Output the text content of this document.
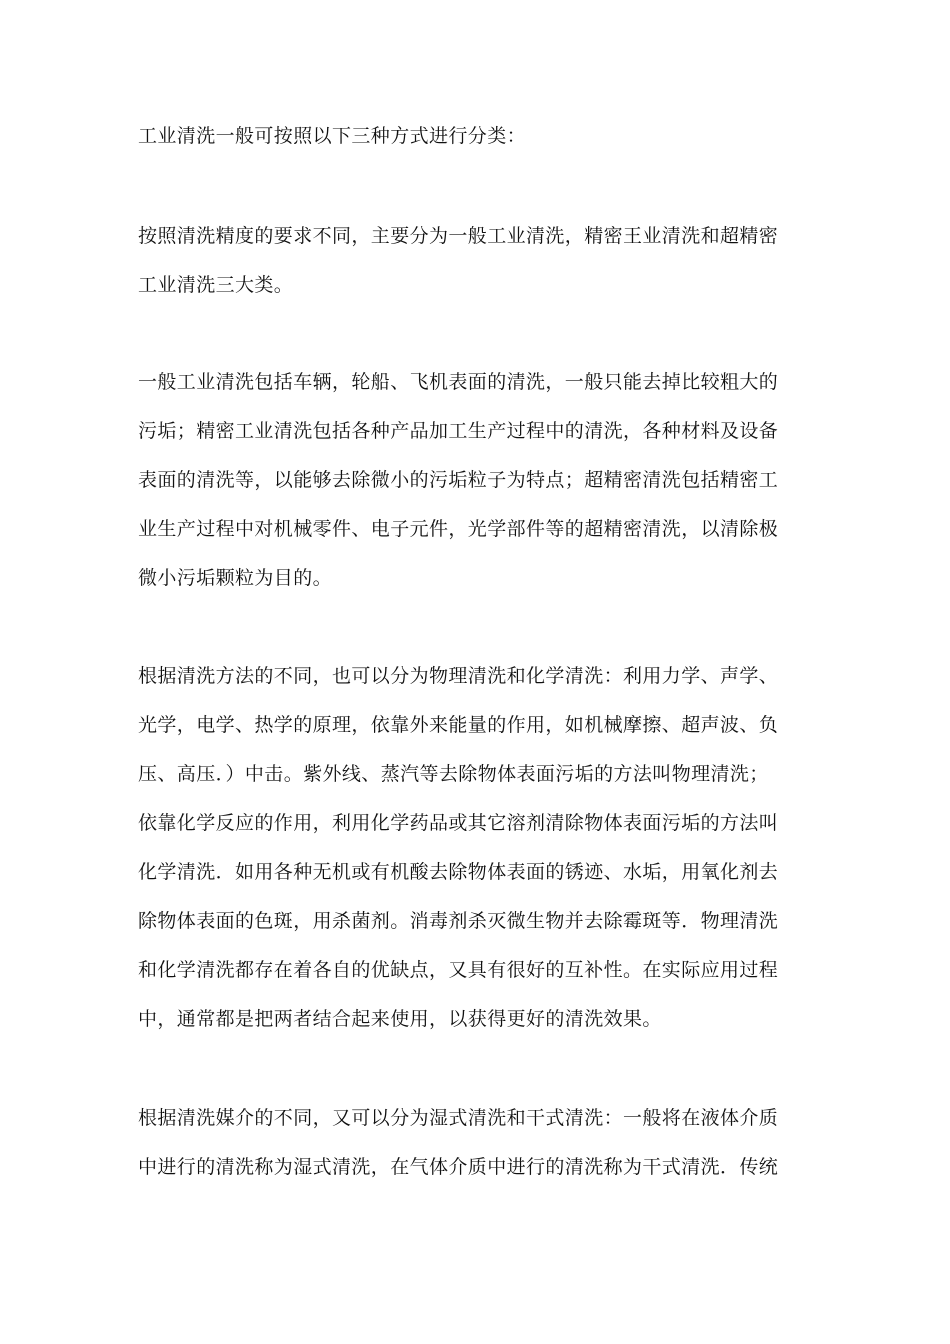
工业清洗一般可按照以下三种方式进行分类：
按照清洗精度的要求不同，主要分为一般工业清洗，精密王业清洗和超精密
工业清洗三大类。
一般工业清洗包括车辆，轮船、飞机表面的清洗，一般只能去掉比较粗大的
污垢；精密工业清洗包括各种产品加工生产过程中的清洗，各种材料及设备
表面的清洗等，以能够去除微小的污垢粒子为特点；超精密清洗包括精密工
业生产过程中对机械零件、电子元件，光学部件等的超精密清洗，以清除极
微小污垢颗粒为目的。
根据清洗方法的不同，也可以分为物理清洗和化学清洗：利用力学、声学、
光学，电学、热学的原理，依靠外来能量的作用，如机械摩擦、超声波、负
压、高压．）中击。紫外线、蒸汽等去除物体表面污垢的方法叫物理清洗；
依靠化学反应的作用，利用化学药品或其它溶剂清除物体表面污垢的方法叫
化学清洗．如用各种无机或有机酸去除物体表面的锈迹、水垢，用氧化剂去
除物体表面的色斑，用杀菌剂。消毒剂杀灭微生物并去除霉斑等．物理清洗
和化学清洗都存在着各自的优缺点，又具有很好的互补性。在实际应用过程
中，通常都是把两者结合起来使用，以获得更好的清洗效果。
根据清洗媒介的不同，又可以分为湿式清洗和干式清洗：一般将在液体介质
中进行的清洗称为湿式清洗，在气体介质中进行的清洗称为干式清洗．传统
